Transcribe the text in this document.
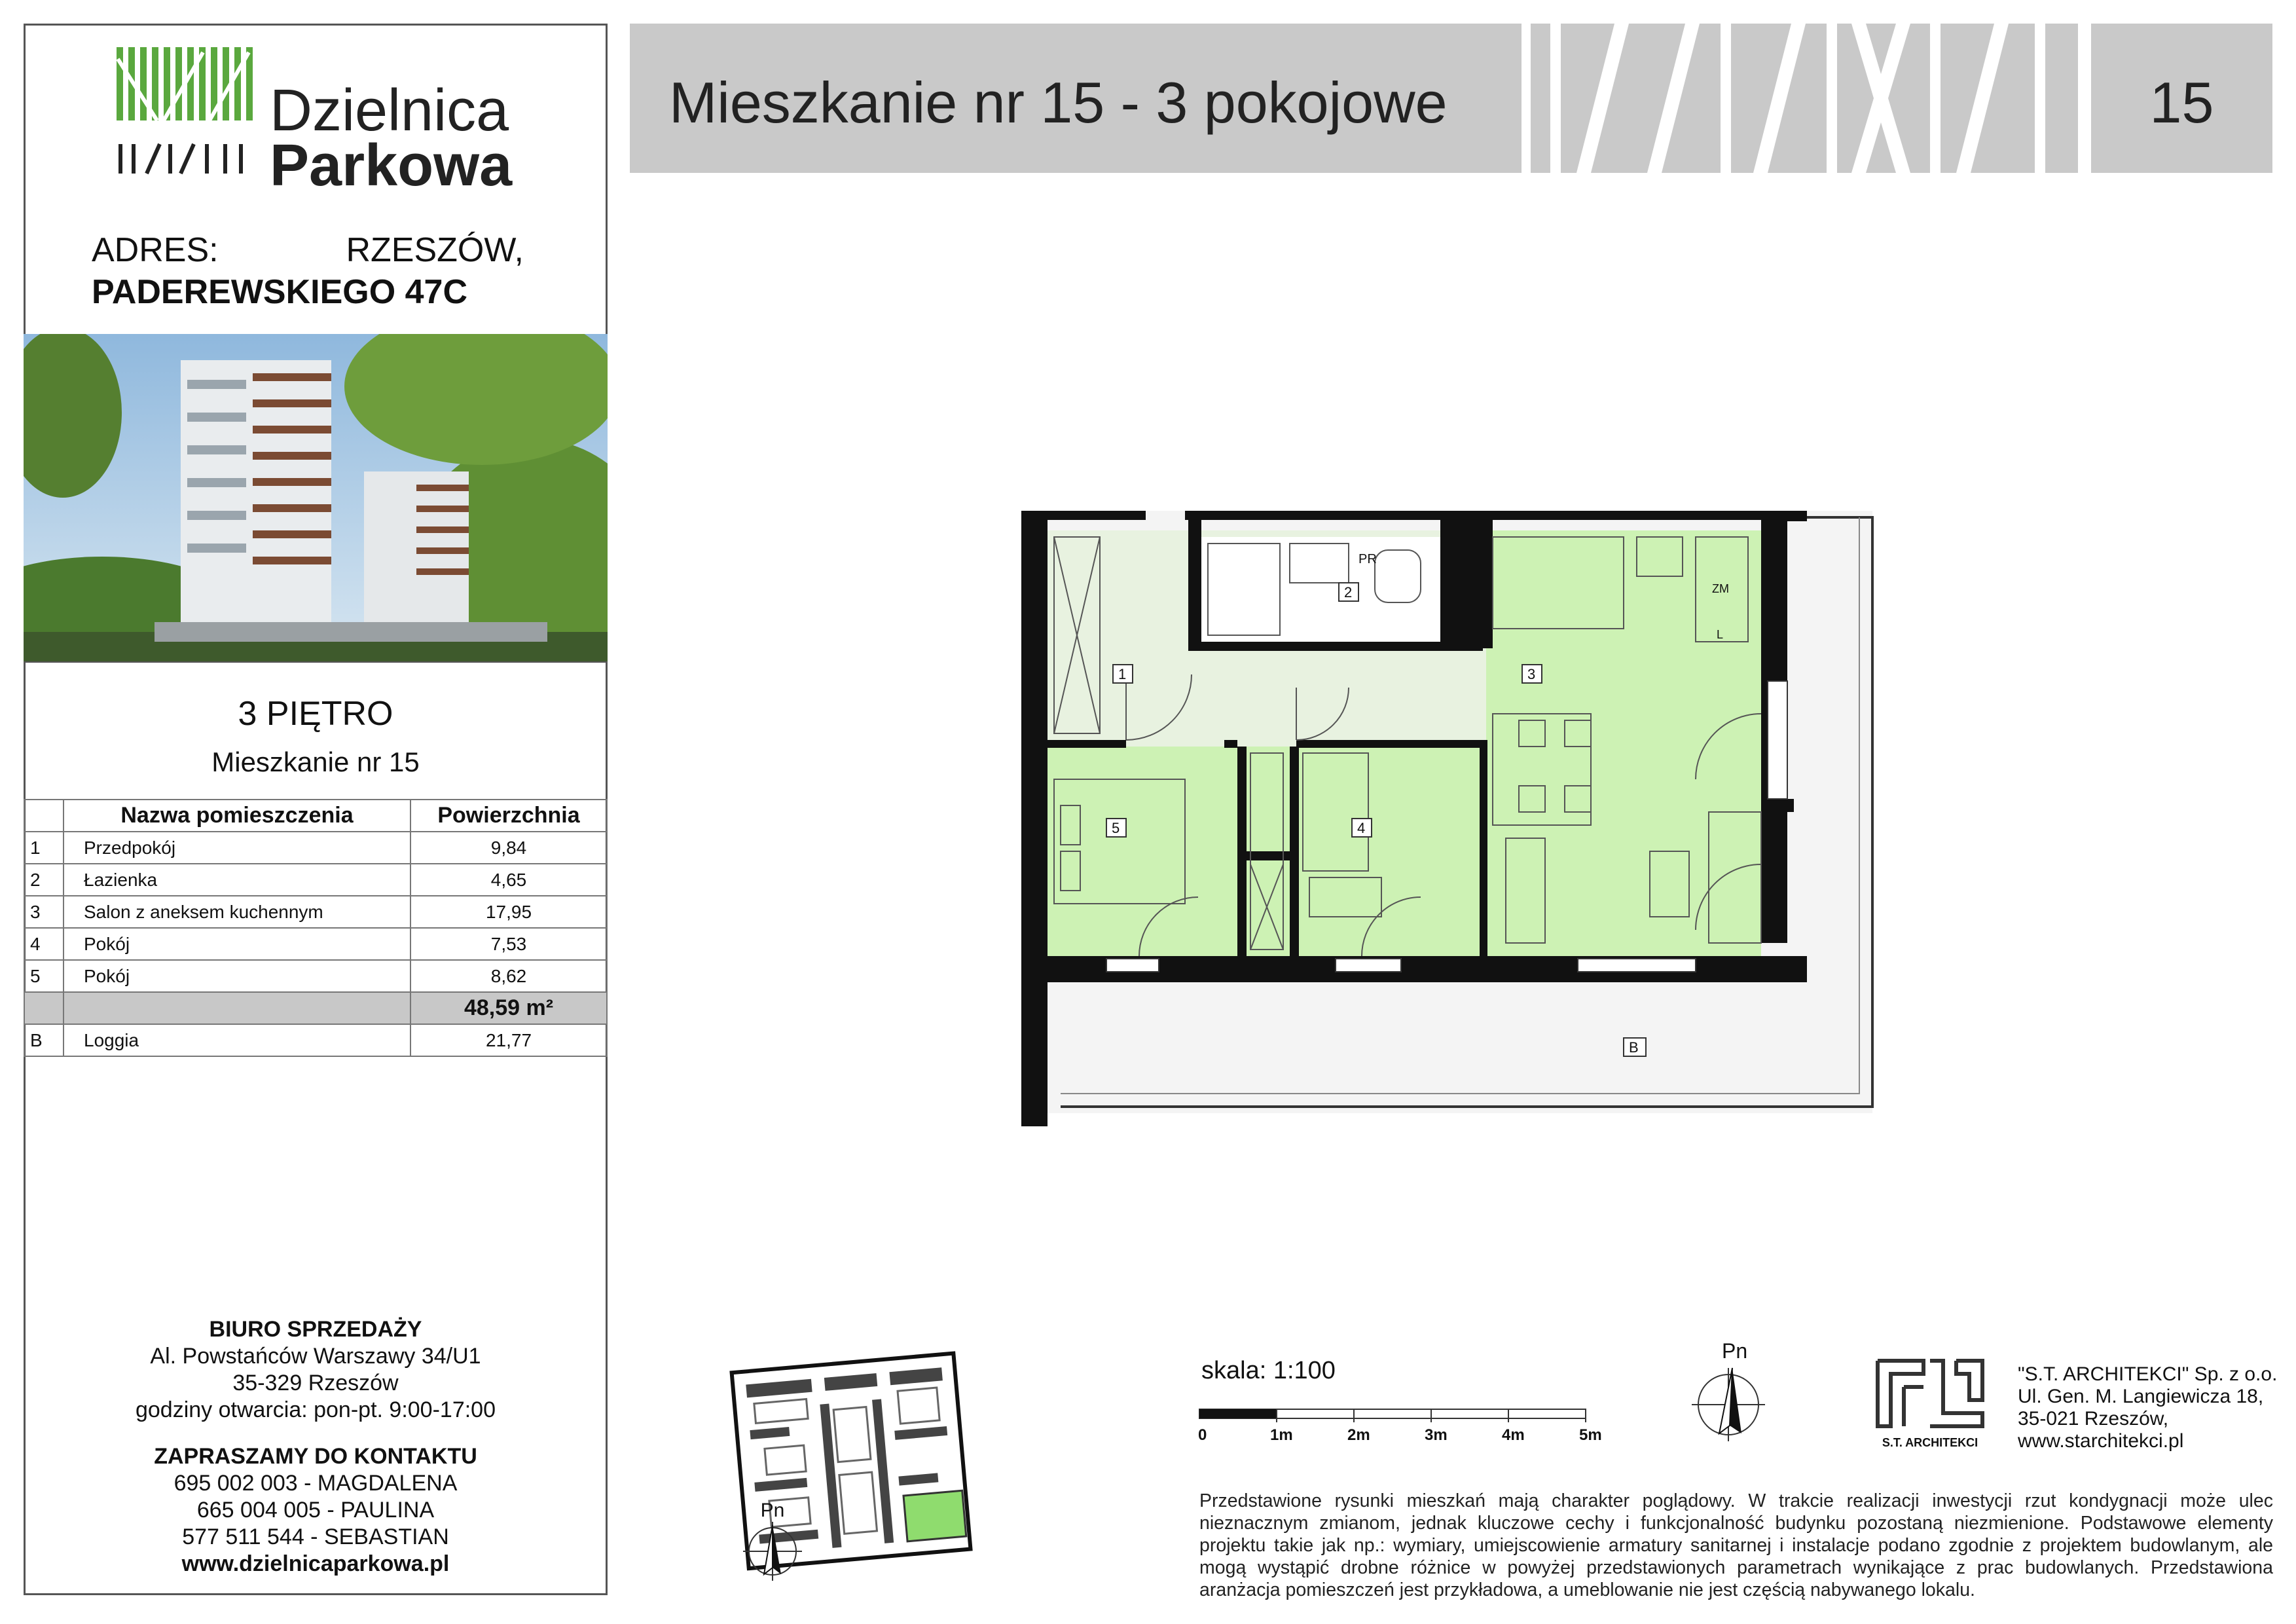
Dzielnica
Parkowa
ADRES:	RZESZÓW,
PADEREWSKIEGO 47C
3 PIĘTRO
Mieszkanie nr 15
	Nazwa pomieszczenia	Powierzchnia
1	Przedpokój	9,84
2	Łazienka	4,65
3	Salon z aneksem kuchennym	17,95
4	Pokój	7,53
5	Pokój	8,62
		48,59 m²
B	Loggia	21,77
BIURO SPRZEDAŻY
Al. Powstańców Warszawy 34/U1
35-329 Rzeszów
godziny otwarcia: pon-pt. 9:00-17:00
ZAPRASZAMY DO KONTAKTU
695 002 003 - MAGDALENA
665 004 005 - PAULINA
577 511 544 - SEBASTIAN
www.dzielnicaparkowa.pl
Mieszkanie nr 15 - 3 pokojowe	15
1
2
PR
3
ZM
L
4
5
B
Pn
skala: 1:100
0	1m	2m	3m	4m	5m
Pn
S.T. ARCHITEKCI
"S.T. ARCHITEKCI" Sp. z o.o.
Ul. Gen. M. Langiewicza 18,
35-021 Rzeszów,
www.starchitekci.pl
Przedstawione rysunki mieszkań mają charakter poglądowy. W trakcie realizacji inwestycji rzut kondygnacji może ulec nieznacznym zmianom, jednak kluczowe cechy i funkcjonalność budynku pozostaną niezmienione. Podstawowe elementy projektu takie jak np.: wymiary, umiejscowienie armatury sanitarnej i instalacje podano zgodnie z projektem budowlanym, ale mogą wystąpić drobne różnice w powyżej przedstawionych parametrach wynikające z prac budowlanych. Przedstawiona aranżacja pomieszczeń jest przykładowa, a umeblowanie nie jest częścią nabywanego lokalu.
